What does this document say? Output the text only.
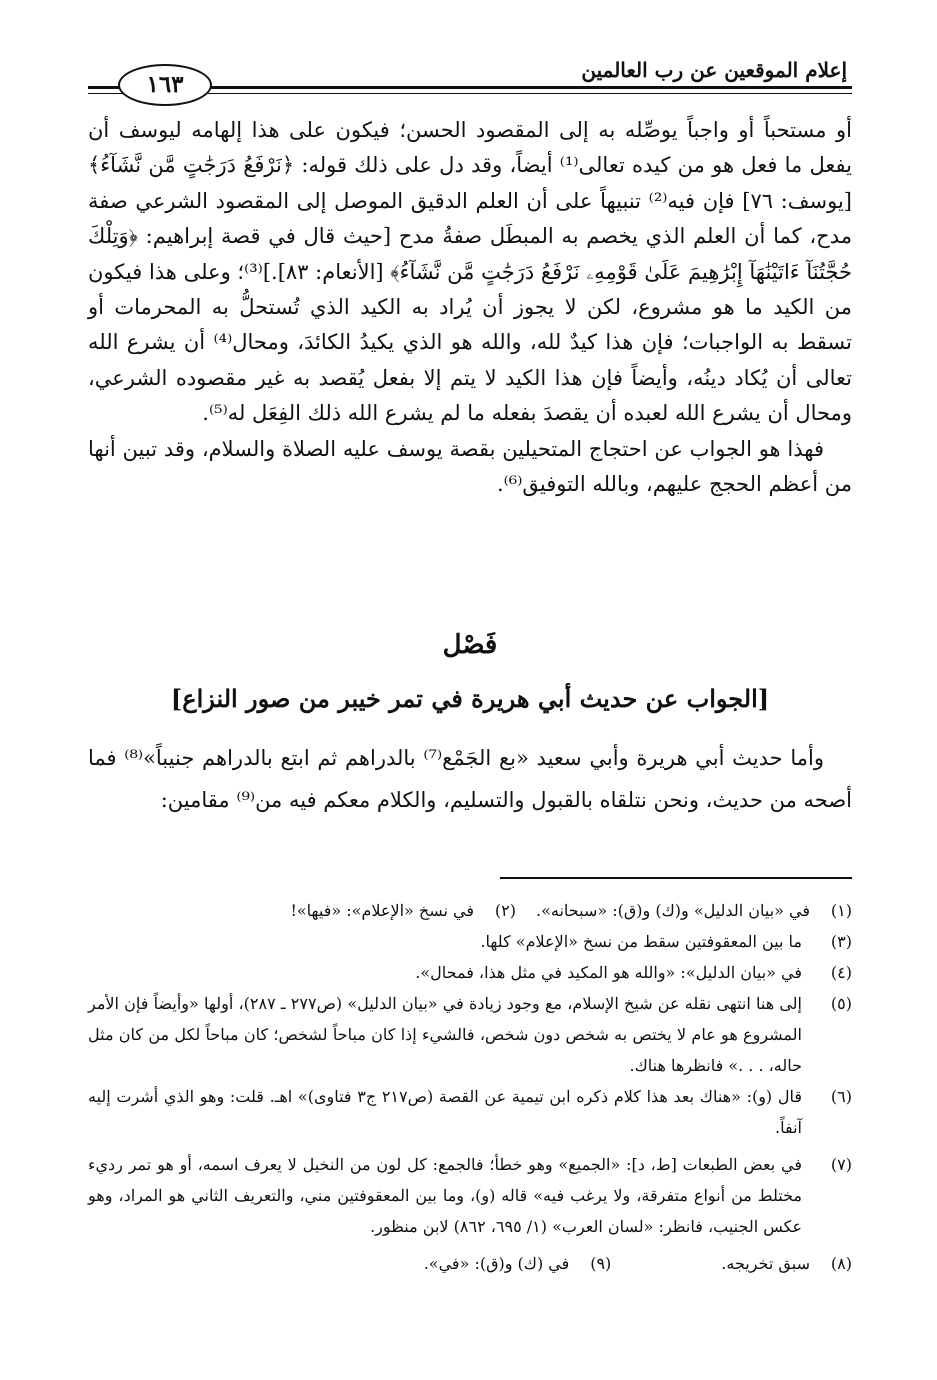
إعلام الموقعين عن رب العالمين
١٦٣

أو مستحباً أو واجباً يوصِّله به إلى المقصود الحسن؛ فيكون على هذا إلهامه ليوسف أن يفعل ما فعل هو من كيده تعالى⁽¹⁾ أيضاً، وقد دل على ذلك قوله: ﴿نَرْفَعُ دَرَجَٰتٍ مَّن نَّشَآءُ﴾ [يوسف: ٧٦] فإن فيه⁽²⁾ تنبيهاً على أن العلم الدقيق الموصل إلى المقصود الشرعي صفة مدح، كما أن العلم الذي يخصم به المبطَل صفةُ مدح [حيث قال في قصة إبراهيم: ﴿وَتِلْكَ حُجَّتُنَآ ءَاتَيْنَٰهَآ إِبْرَٰهِيمَ عَلَىٰ قَوْمِهِۦ نَرْفَعُ دَرَجَٰتٍ مَّن نَّشَآءُ﴾ [الأنعام: ٨٣].]⁽³⁾؛ وعلى هذا فيكون من الكيد ما هو مشروع، لكن لا يجوز أن يُراد به الكيد الذي تُستحلُّ به المحرمات أو تسقط به الواجبات؛ فإن هذا كيدٌ لله، والله هو الذي يكيدُ الكائدَ، ومحال⁽⁴⁾ أن يشرع الله تعالى أن يُكاد دينُه، وأيضاً فإن هذا الكيد لا يتم إلا بفعل يُقصد به غير مقصوده الشرعي، ومحال أن يشرع الله لعبده أن يقصدَ بفعله ما لم يشرع الله ذلك الفِعَل له⁽⁵⁾.

فهذا هو الجواب عن احتجاج المتحيلين بقصة يوسف عليه الصلاة والسلام، وقد تبين أنها من أعظم الحجج عليهم، وبالله التوفيق⁽⁶⁾.

فَصْل
[الجواب عن حديث أبي هريرة في تمر خيبر من صور النزاع]

وأما حديث أبي هريرة وأبي سعيد «بع الجَمْع⁽⁷⁾ بالدراهم ثم ابتع بالدراهم جنيباً»⁽⁸⁾ فما أصحه من حديث، ونحن نتلقاه بالقبول والتسليم، والكلام معكم فيه من⁽⁹⁾ مقامين:

(١)
في «بيان الدليل» و(ك) و(ق): «سبحانه».
(٢)
في نسخ «الإعلام»: «فيها»!
(٣)
ما بين المعقوفتين سقط من نسخ «الإعلام» كلها.
(٤)
في «بيان الدليل»: «والله هو المكيد في مثل هذا، فمحال».
(٥)
إلى هنا انتهى نقله عن شيخ الإسلام، مع وجود زيادة في «بيان الدليل» (ص٢٧٧ ـ ٢٨٧)، أولها «وأيضاً فإن الأمر المشروع هو عام لا يختص به شخص دون شخص، فالشيء إذا كان مباحاً لشخص؛ كان مباحاً لكل من كان مثل حاله، . . .» فانظرها هناك.
(٦)
قال (و): «هناك بعد هذا كلام ذكره ابن تيمية عن القصة (ص٢١٧ ج٣ فتاوى)» اهـ. قلت: وهو الذي أشرت إليه آنفاً.
(٧)
في بعض الطبعات [ط، د]: «الجميع» وهو خطأ؛ فالجمع: كل لون من النخيل لا يعرف اسمه، أو هو تمر رديء مختلط من أنواع متفرقة، ولا يرغب فيه» قاله (و)، وما بين المعقوفتين مني، والتعريف الثاني هو المراد، وهو عكس الجنيب، فانظر: «لسان العرب» (١/ ٦٩٥، ٨٦٢) لابن منظور.
(٨)
سبق تخريجه.
(٩)
في (ك) و(ق): «في».
